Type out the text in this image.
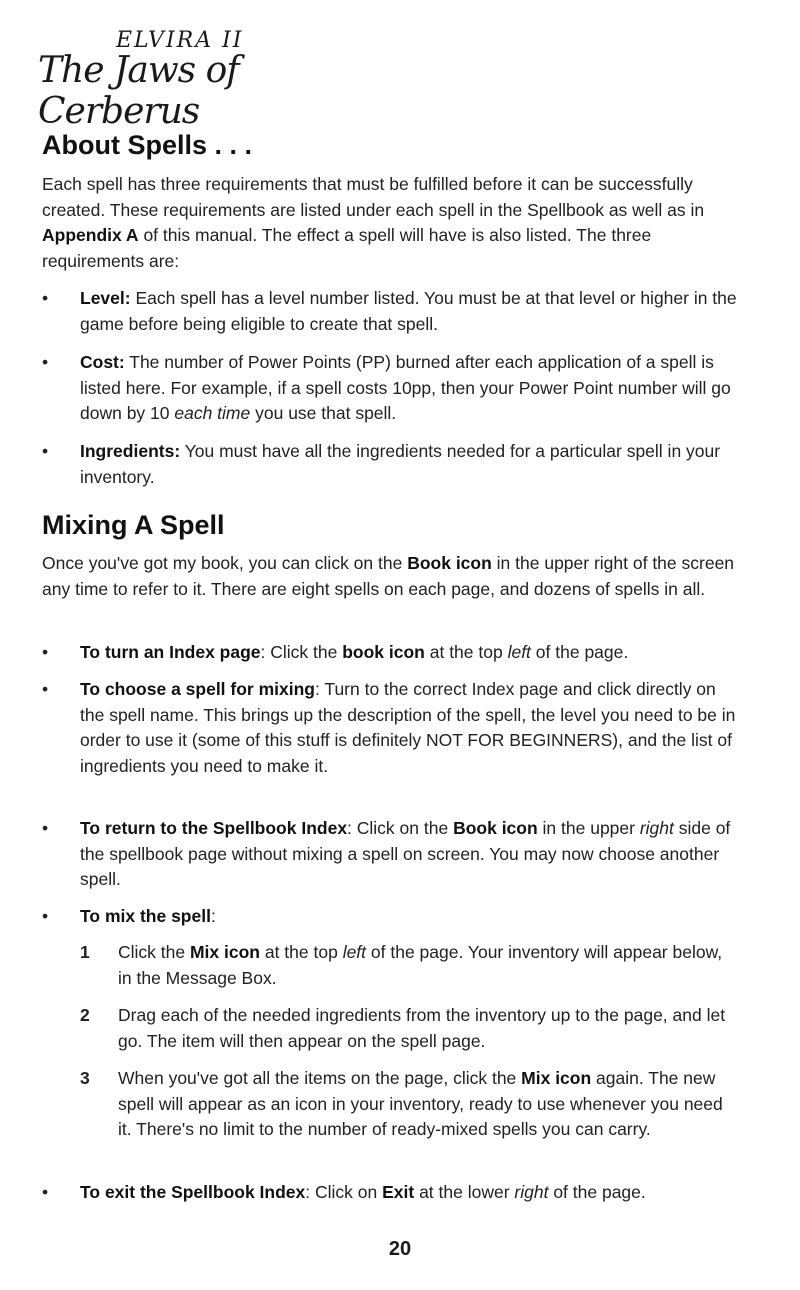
ELVIRA II
The Jaws of Cerberus
About Spells . . .

Each spell has three requirements that must be fulfilled before it can be successfully created. These requirements are listed under each spell in the Spellbook as well as in Appendix A of this manual. The effect a spell will have is also listed. The three requirements are:

•	Level: Each spell has a level number listed. You must be at that level or higher in the game before being eligible to create that spell.
•	Cost: The number of Power Points (PP) burned after each application of a spell is listed here. For example, if a spell costs 10pp, then your Power Point number will go down by 10 each time you use that spell.
•	Ingredients: You must have all the ingredients needed for a particular spell in your inventory.
Mixing A Spell

Once you've got my book, you can click on the Book icon in the upper right of the screen any time to refer to it. There are eight spells on each page, and dozens of spells in all.

•	To turn an Index page: Click the book icon at the top left of the page.
•	To choose a spell for mixing: Turn to the correct Index page and click directly on the spell name. This brings up the description of the spell, the level you need to be in order to use it (some of this stuff is definitely NOT FOR BEGINNERS), and the list of ingredients you need to make it.
•	To return to the Spellbook Index: Click on the Book icon in the upper right side of the spellbook page without mixing a spell on screen. You may now choose another spell.
•	To mix the spell:
1 Click the Mix icon at the top left of the page. Your inventory will appear below, in the Message Box.
2 Drag each of the needed ingredients from the inventory up to the page, and let go. The item will then appear on the spell page.
3 When you've got all the items on the page, click the Mix icon again. The new spell will appear as an icon in your inventory, ready to use whenever you need it. There's no limit to the number of ready-mixed spells you can carry.
•	To exit the Spellbook Index: Click on Exit at the lower right of the page.
20
